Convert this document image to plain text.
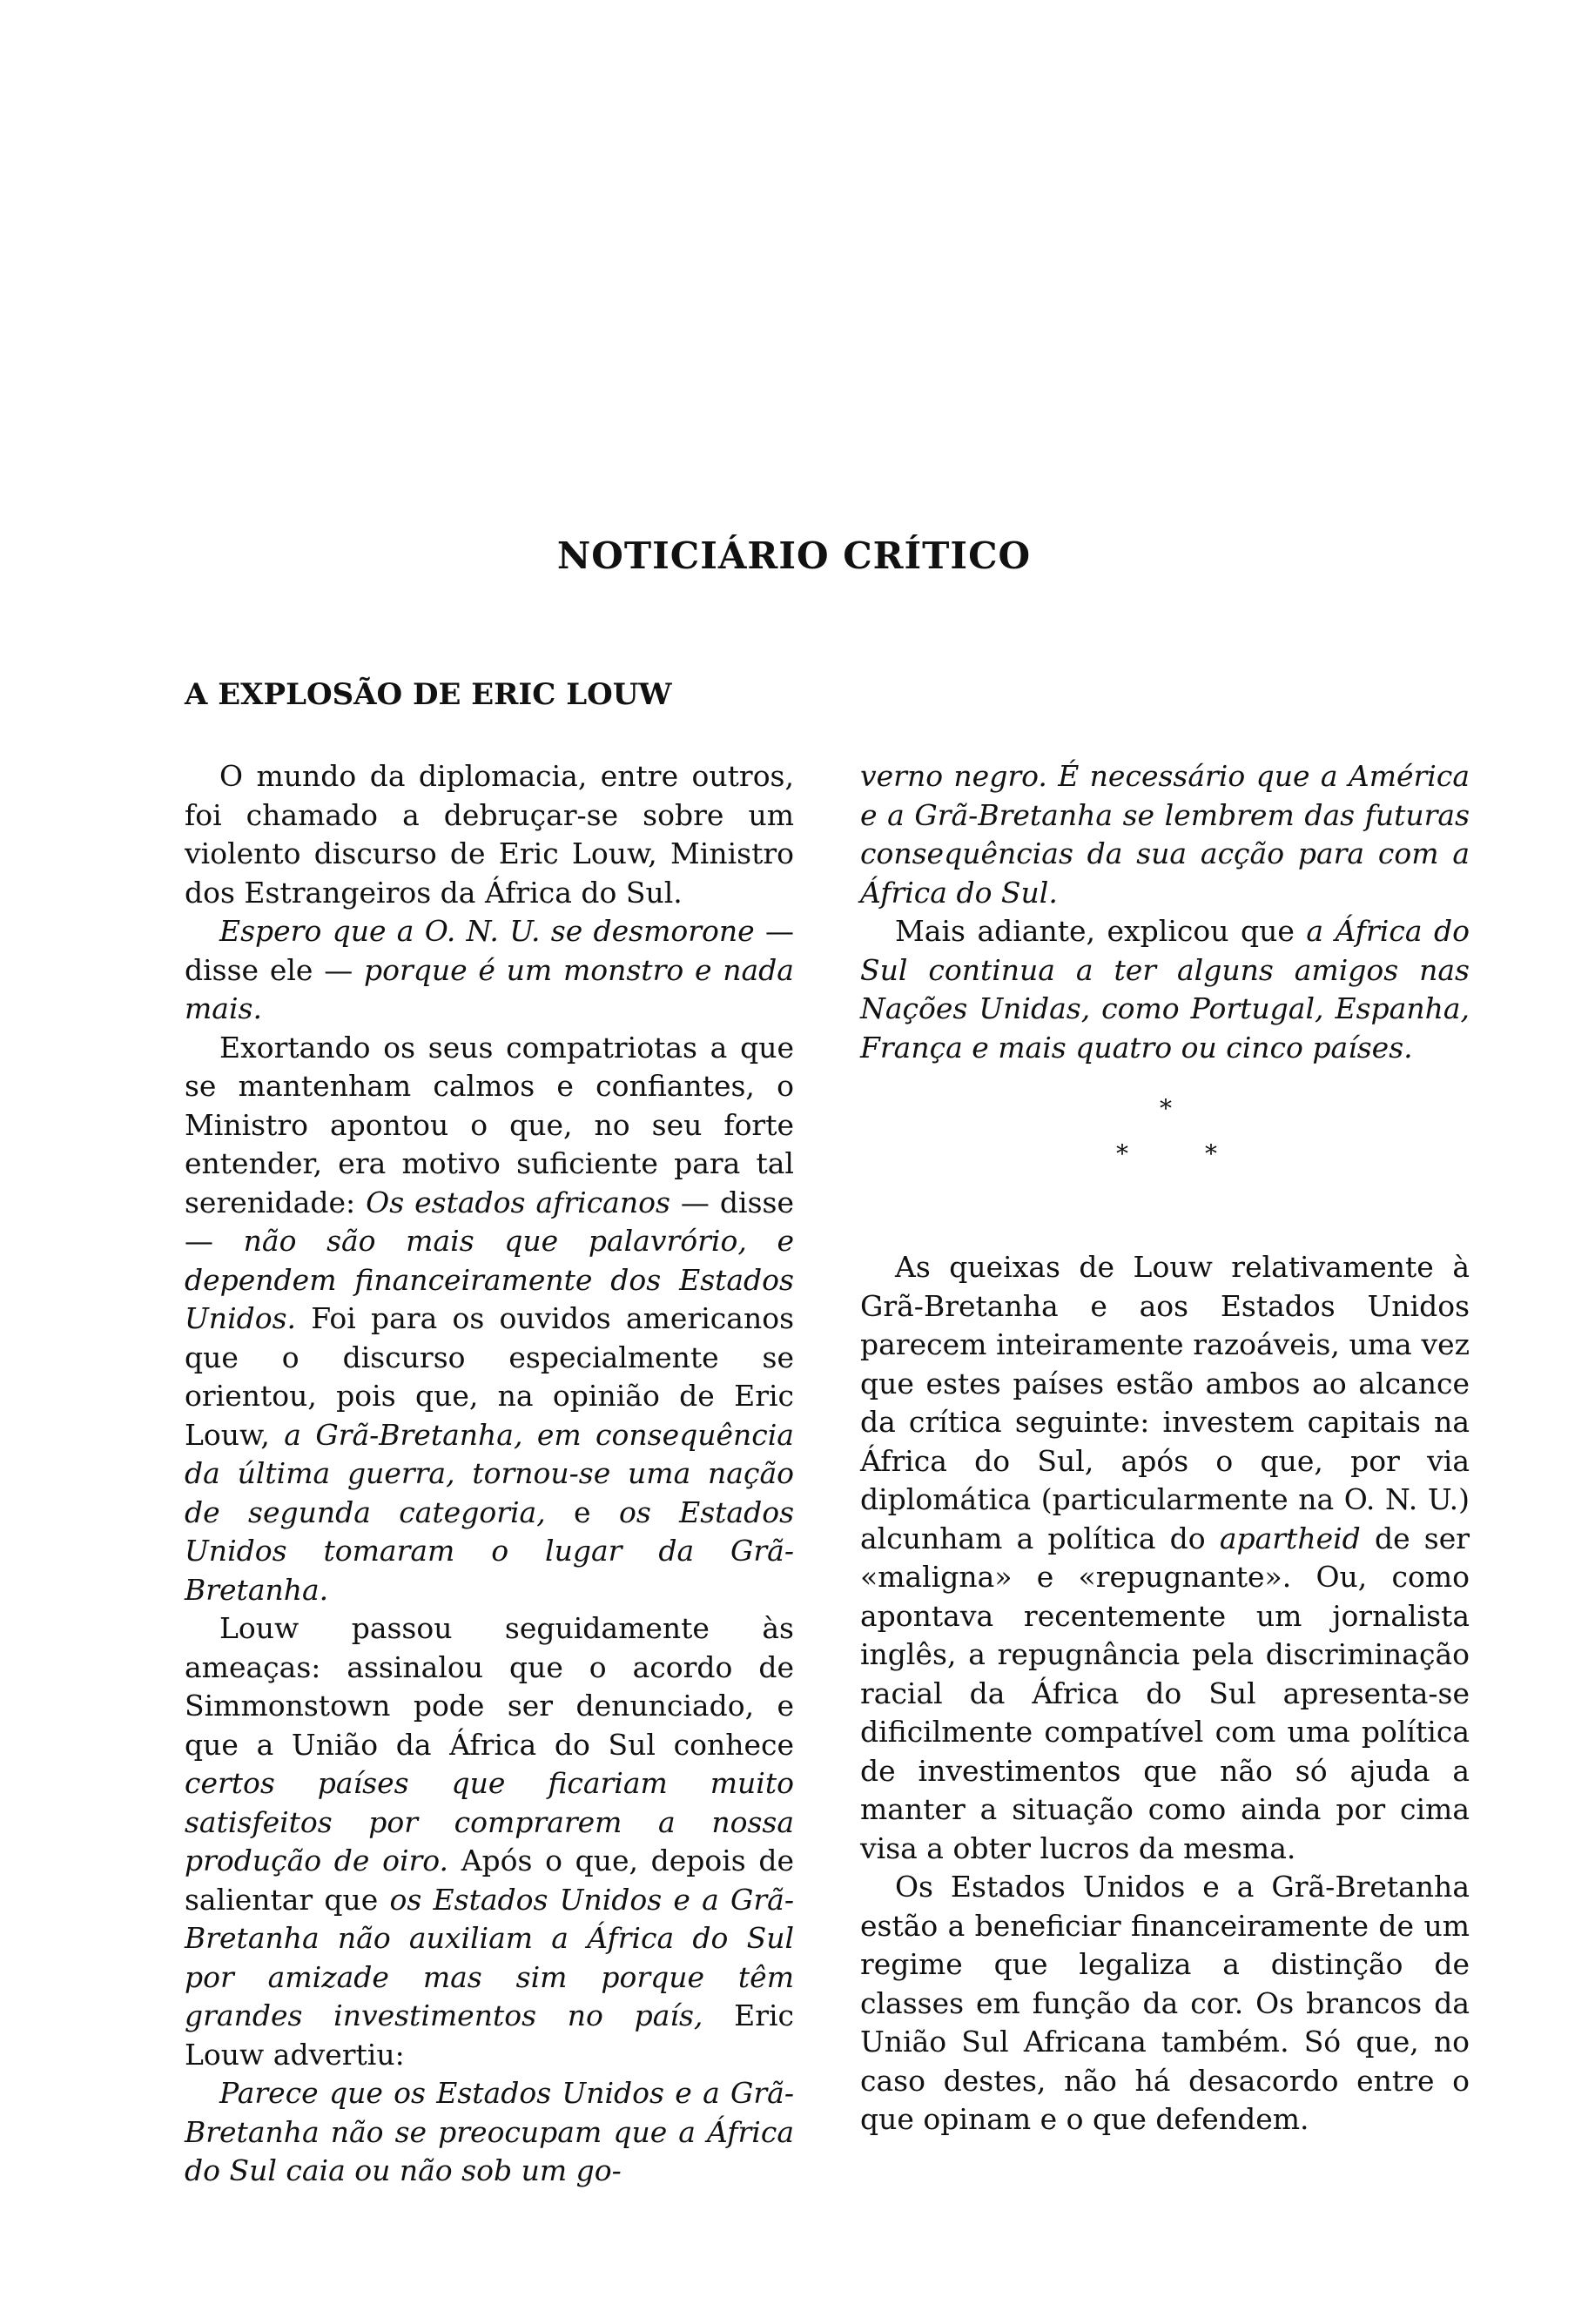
NOTICIÁRIO CRÍTICO
A EXPLOSÃO DE ERIC LOUW

O mundo da diplomacia, entre outros, foi chamado a debruçar-se sobre um violento discurso de Eric Louw, Ministro dos Estrangeiros da África do Sul.

Espero que a O. N. U. se desmorone — disse ele — porque é um monstro e nada mais.

Exortando os seus compatriotas a que se mantenham calmos e confiantes, o Ministro apontou o que, no seu forte entender, era motivo suficiente para tal serenidade: Os estados africanos — disse — não são mais que palavrório, e dependem financeiramente dos Estados Unidos. Foi para os ouvidos americanos que o discurso especialmente se orientou, pois que, na opinião de Eric Louw, a Grã-Bretanha, em consequência da última guerra, tornou-se uma nação de segunda categoria, e os Estados Unidos tomaram o lugar da Grã-Bretanha.

Louw passou seguidamente às ameaças: assinalou que o acordo de Simmonstown pode ser denunciado, e que a União da África do Sul conhece certos países que ficariam muito satisfeitos por comprarem a nossa produção de oiro. Após o que, depois de salientar que os Estados Unidos e a Grã-Bretanha não auxiliam a África do Sul por amizade mas sim porque têm grandes investimentos no país, Eric Louw advertiu:

Parece que os Estados Unidos e a Grã-Bretanha não se preocupam que a África do Sul caia ou não sob um go-

verno negro. É necessário que a América e a Grã-Bretanha se lembrem das futuras consequências da sua acção para com a África do Sul.

Mais adiante, explicou que a África do Sul continua a ter alguns amigos nas Nações Unidas, como Portugal, Espanha, França e mais quatro ou cinco países.

*
*	*

As queixas de Louw relativamente à Grã-Bretanha e aos Estados Unidos parecem inteiramente razoáveis, uma vez que estes países estão ambos ao alcance da crítica seguinte: investem capitais na África do Sul, após o que, por via diplomática (particularmente na O. N. U.) alcunham a política do apartheid de ser «maligna» e «repugnante». Ou, como apontava recentemente um jornalista inglês, a repugnância pela discriminação racial da África do Sul apresenta-se dificilmente compatível com uma política de investimentos que não só ajuda a manter a situação como ainda por cima visa a obter lucros da mesma.

Os Estados Unidos e a Grã-Bretanha estão a beneficiar financeiramente de um regime que legaliza a distinção de classes em função da cor. Os brancos da União Sul Africana também. Só que, no caso destes, não há desacordo entre o que opinam e o que defendem.
